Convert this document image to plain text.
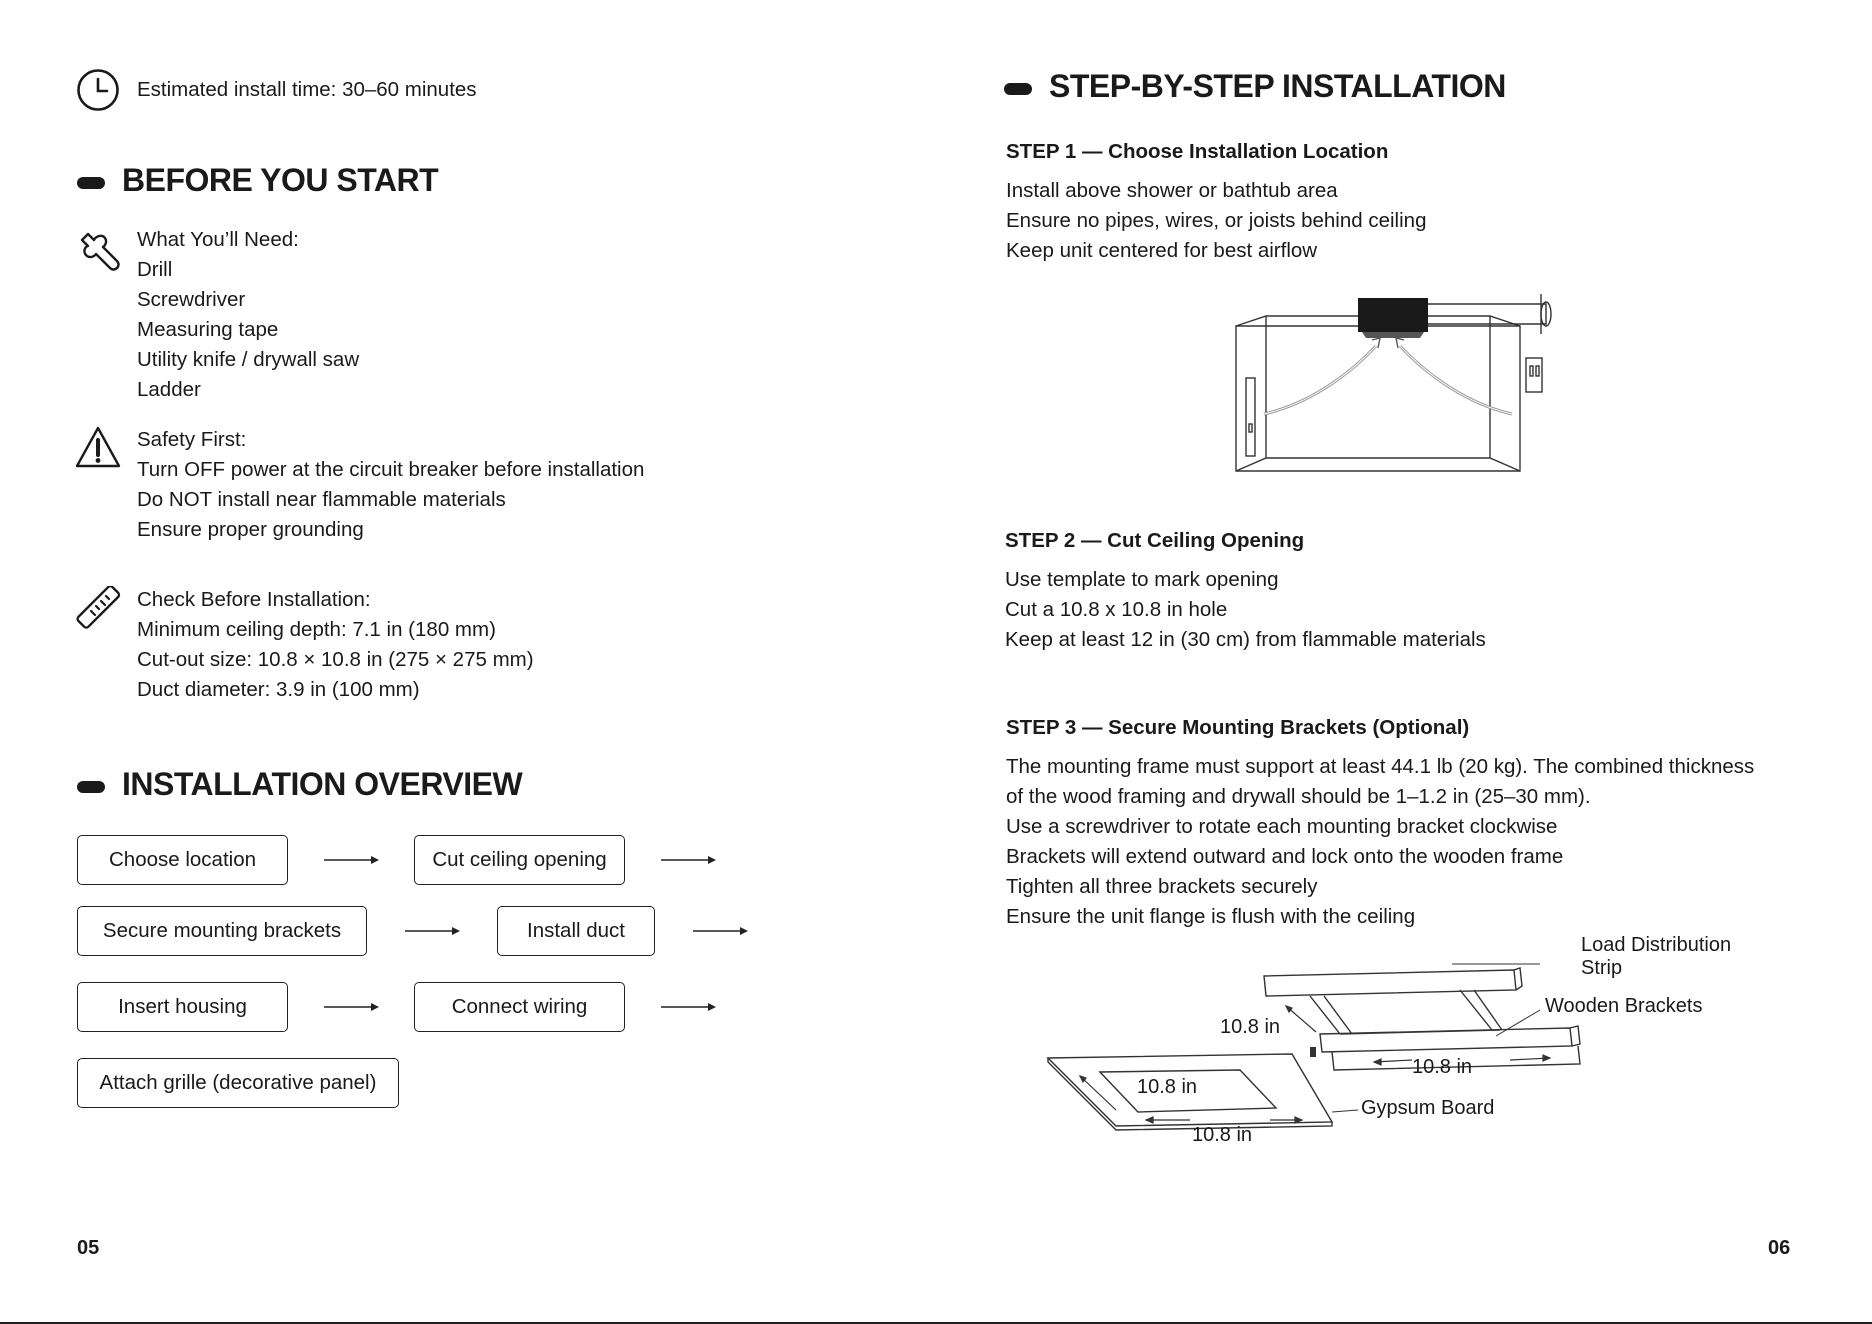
Estimated install time: 30–60 minutes
BEFORE YOU START
What You’ll Need:
Drill
Screwdriver
Measuring tape
Utility knife / drywall saw
Ladder
Safety First:
Turn OFF power at the circuit breaker before installation
Do NOT install near flammable materials
Ensure proper grounding
Check Before Installation:
Minimum ceiling depth: 7.1 in (180 mm)
Cut-out size: 10.8 × 10.8 in (275 × 275 mm)
Duct diameter: 3.9 in (100 mm)
INSTALLATION OVERVIEW
Choose location	Cut ceiling opening
Secure mounting brackets	Install duct
Insert housing	Connect wiring
Attach grille (decorative panel)
05
STEP-BY-STEP INSTALLATION
STEP 1 — Choose Installation Location
Install above shower or bathtub area
Ensure no pipes, wires, or joists behind ceiling
Keep unit centered for best airflow
STEP 2 — Cut Ceiling Opening
Use template to mark opening
Cut a 10.8 x 10.8 in hole
Keep at least 12 in (30 cm) from flammable materials
STEP 3 — Secure Mounting Brackets (Optional)
The mounting frame must support at least 44.1 lb (20 kg). The combined thickness
of the wood framing and drywall should be 1–1.2 in (25–30 mm).
Use a screwdriver to rotate each mounting bracket clockwise
Brackets will extend outward and lock onto the wooden frame
Tighten all three brackets securely
Ensure the unit flange is flush with the ceiling
Load Distribution
Strip
Wooden Brackets
10.8 in
10.8 in
10.8 in
Gypsum Board
10.8 in
06
